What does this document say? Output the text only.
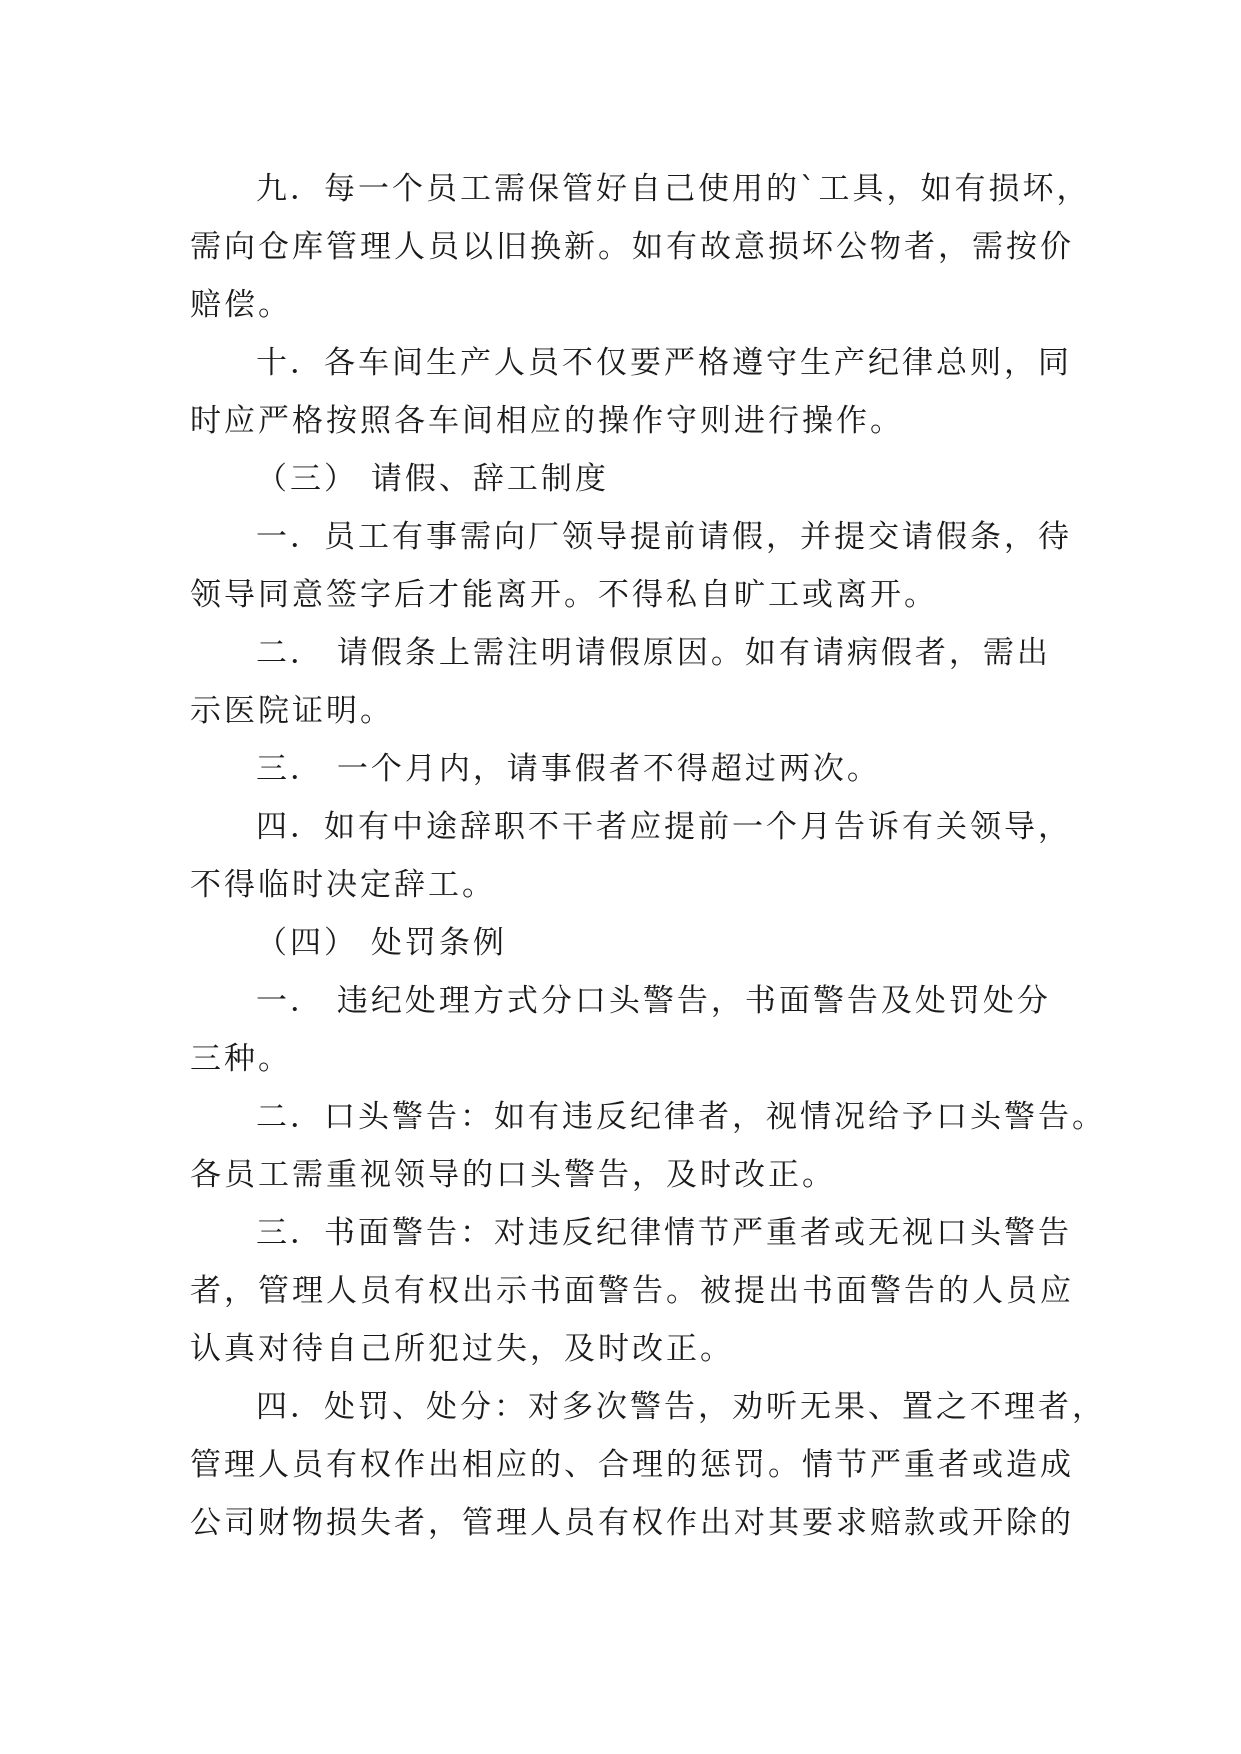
九．每一个员工需保管好自己使用的`工具，如有损坏，
需向仓库管理人员以旧换新。如有故意损坏公物者，需按价
赔偿。
十．各车间生产人员不仅要严格遵守生产纪律总则，同
时应严格按照各车间相应的操作守则进行操作。
（三） 请假、辞工制度
一．员工有事需向厂领导提前请假，并提交请假条，待
领导同意签字后才能离开。不得私自旷工或离开。
二． 请假条上需注明请假原因。如有请病假者，需出
示医院证明。
三． 一个月内，请事假者不得超过两次。
四．如有中途辞职不干者应提前一个月告诉有关领导，
不得临时决定辞工。
（四） 处罚条例
一． 违纪处理方式分口头警告，书面警告及处罚处分
三种。
二．口头警告：如有违反纪律者，视情况给予口头警告。
各员工需重视领导的口头警告，及时改正。
三．书面警告：对违反纪律情节严重者或无视口头警告
者，管理人员有权出示书面警告。被提出书面警告的人员应
认真对待自己所犯过失，及时改正。
四．处罚、处分：对多次警告，劝听无果、置之不理者，
管理人员有权作出相应的、合理的惩罚。情节严重者或造成
公司财物损失者，管理人员有权作出对其要求赔款或开除的
